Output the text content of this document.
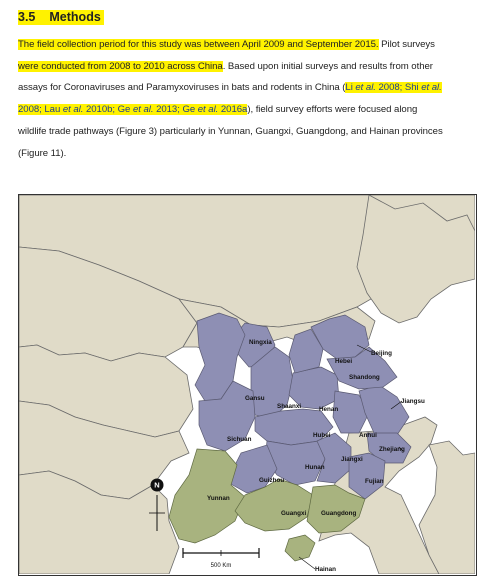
3.5 Methods
The field collection period for this study was between April 2009 and September 2015. Pilot surveys
were conducted from 2008 to 2010 across China. Based upon initial surveys and results from other
assays for Coronaviruses and Paramyxoviruses in bats and rodents in China (Li et al. 2008; Shi et al.
2008; Lau et al. 2010b; Ge et al. 2013; Ge et al. 2016a), field survey efforts were focused along
wildlife trade pathways (Figure 3) particularly in Yunnan, Guangxi, Guangdong, and Hainan provinces
(Figure 11).
Ningxia
Beijing
Hebei
Shandong
Gansu
Shaanxi	Henan
Jiangsu
Sichuan
Hubei	Anhui
Zhejiang
Jiangxi
Hunan
Fujian
Guizhou
Yunnan
Guangxi Guangdong
Hainan
N
500 Km
